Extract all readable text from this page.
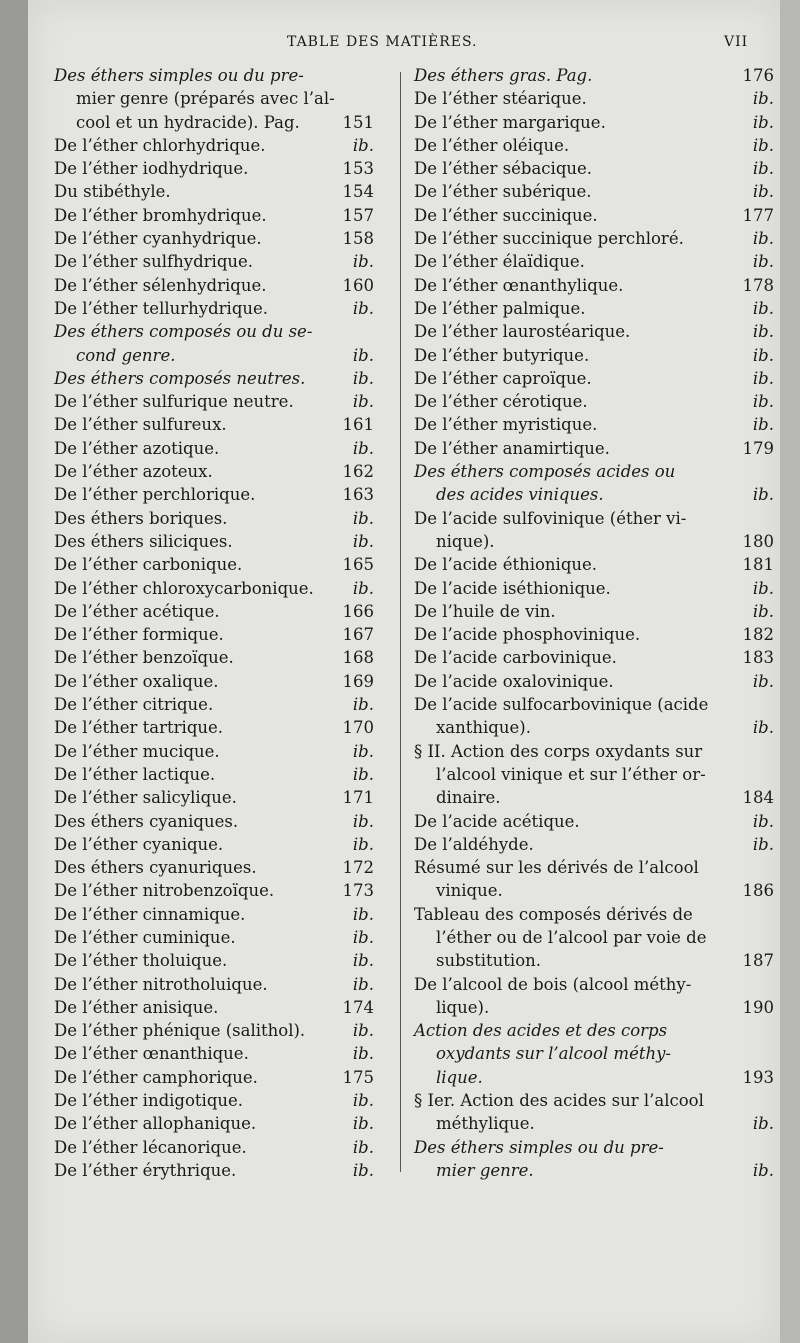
TABLE DES MATIÈRES.	VII
Des éthers simples ou du pre-
mier genre (préparés avec l’al-
cool et un hydracide). Pag.	151
De l’éther chlorhydrique.	ib.
De l’éther iodhydrique.	153
Du stibéthyle.	154
De l’éther bromhydrique.	157
De l’éther cyanhydrique.	158
De l’éther sulfhydrique.	ib.
De l’éther sélenhydrique.	160
De l’éther tellurhydrique.	ib.
Des éthers composés ou du se-
cond genre.	ib.
Des éthers composés neutres.	ib.
De l’éther sulfurique neutre.	ib.
De l’éther sulfureux.	161
De l’éther azotique.	ib.
De l’éther azoteux.	162
De l’éther perchlorique.	163
Des éthers boriques.	ib.
Des éthers siliciques.	ib.
De l’éther carbonique.	165
De l’éther chloroxycarbonique. ib.
De l’éther acétique.	166
De l’éther formique.	167
De l’éther benzoïque.	168
De l’éther oxalique.	169
De l’éther citrique.	ib.
De l’éther tartrique.	170
De l’éther mucique.	ib.
De l’éther lactique.	ib.
De l’éther salicylique.	171
Des éthers cyaniques.	ib.
De l’éther cyanique.	ib.
Des éthers cyanuriques.	172
De l’éther nitrobenzoïque.	173
De l’éther cinnamique.	ib.
De l’éther cuminique.	ib.
De l’éther tholuique.	ib.
De l’éther nitrotholuique.	ib.
De l’éther anisique.	174
De l’éther phénique (salithol).	ib.
De l’éther œnanthique.	ib.
De l’éther camphorique.	175
De l’éther indigotique.	ib.
De l’éther allophanique.	ib.
De l’éther lécanorique.	ib.
De l’éther érythrique.	ib.
Des éthers gras. Pag.	176
De l’éther stéarique.	ib.
De l’éther margarique.	ib.
De l’éther oléique.	ib.
De l’éther sébacique.	ib.
De l’éther subérique.	ib.
De l’éther succinique.	177
De l’éther succinique perchloré.	ib.
De l’éther élaïdique.	ib.
De l’éther œnanthylique.	178
De l’éther palmique.	ib.
De l’éther laurostéarique.	ib.
De l’éther butyrique.	ib.
De l’éther caproïque.	ib.
De l’éther cérotique.	ib.
De l’éther myristique.	ib.
De l’éther anamirtique.	179
Des éthers composés acides ou
des acides viniques.	ib.
De l’acide sulfovinique (éther vi-
nique).	180
De l’acide éthionique.	181
De l’acide iséthionique.	ib.
De l’huile de vin.	ib.
De l’acide phosphovinique.	182
De l’acide carbovinique.	183
De l’acide oxalovinique.	ib.
De l’acide sulfocarbovinique (acide
xanthique).	ib.
§ II. Action des corps oxydants sur
l’alcool vinique et sur l’éther or-
dinaire.	184
De l’acide acétique.	ib.
De l’aldéhyde.	ib.
Résumé sur les dérivés de l’alcool
vinique.	186
Tableau des composés dérivés de
l’éther ou de l’alcool par voie de
substitution.	187
De l’alcool de bois (alcool méthy-
lique).	190
Action des acides et des corps
oxydants sur l’alcool méthy-
lique.	193
§ Ier. Action des acides sur l’alcool
méthylique.	ib.
Des éthers simples ou du pre-
mier genre.	ib.
